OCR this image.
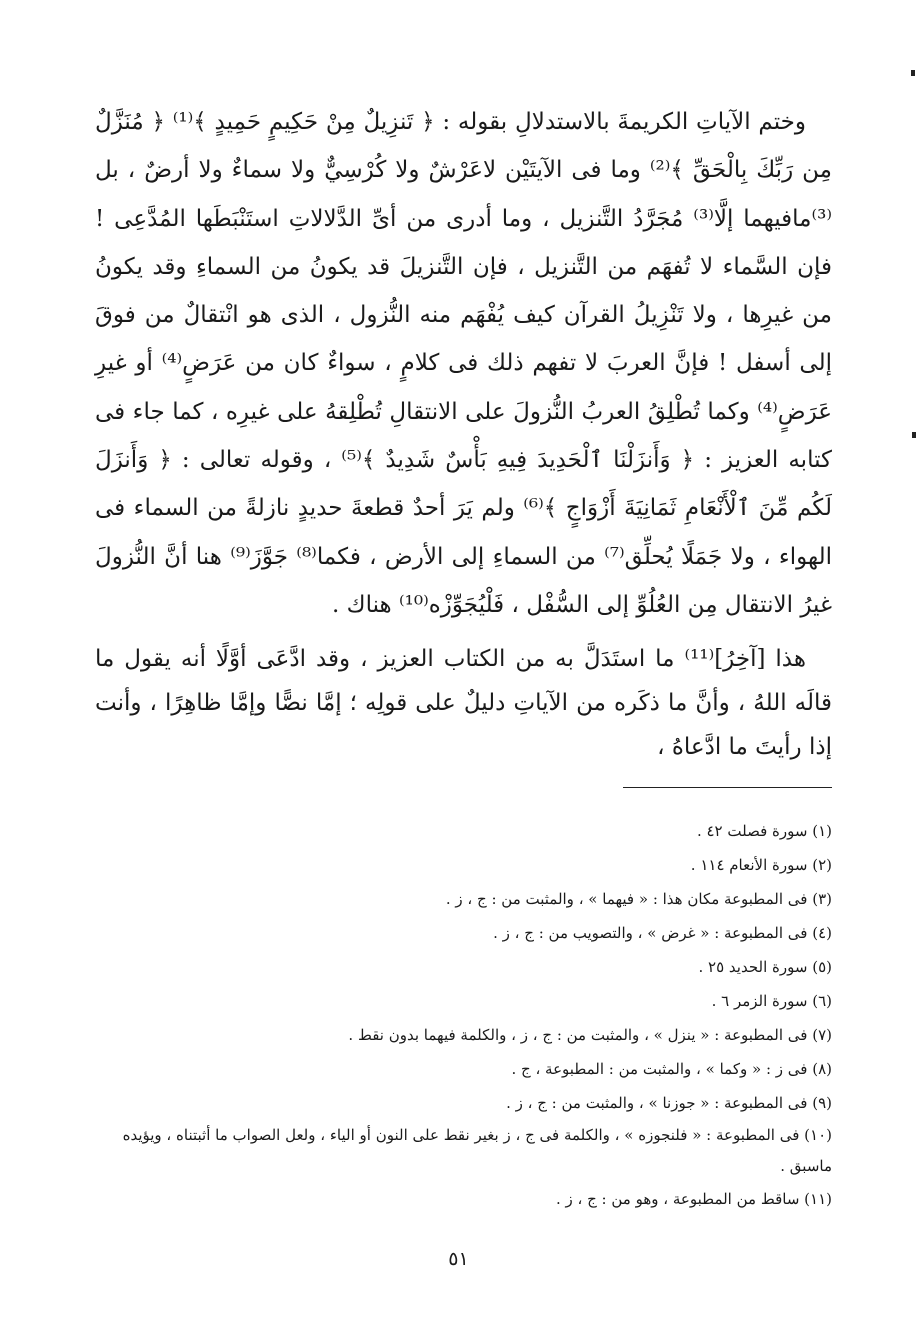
وختم الآياتِ الكريمةَ بالاستدلالِ بقوله : ﴿ تَنزِيلٌ مِنْ حَكِيمٍ حَمِيدٍ ﴾⁽¹⁾ ﴿ مُنَزَّلٌ مِن رَبِّكَ بِالْحَقِّ ﴾⁽²⁾ وما فى الآيتَيْن لاعَرْشٌ ولا كُرْسِيٌّ ولا سماءٌ ولا أرضٌ ، بل ⁽³⁾مافيهما إلَّا⁽³⁾ مُجَرَّدُ التَّنزيل ، وما أدرى من أىِّ الدَّلالاتِ استَنْبَطَها المُدَّعِى ! فإن السَّماء لا تُفهَم من التَّنزيل ، فإن التَّنزيلَ قد يكونُ من السماءِ وقد يكونُ من غيرِها ، ولا تَنْزِيلُ القرآن كيف يُفْهَم منه النُّزول ، الذى هو انْتقالٌ من فوقَ إلى أسفل ! فإنَّ العربَ لا تفهم ذلك فى كلامٍ ، سواءٌ كان من عَرَضٍ⁽⁴⁾ أو غيرِ عَرَضٍ⁽⁴⁾ وكما تُطْلِقُ العربُ النُّزولَ على الانتقالِ تُطْلِقهُ على غيرِه ، كما جاء فى كتابه العزيز : ﴿ وَأَنزَلْنَا ٱلْحَدِيدَ فِيهِ بَأْسٌ شَدِيدٌ ﴾⁽⁵⁾ ، وقوله تعالى : ﴿ وَأَنزَلَ لَكُم مِّنَ ٱلْأَنْعَامِ ثَمَانِيَةَ أَزْوَاجٍ ﴾⁽⁶⁾ ولم يَرَ أحدٌ قطعةَ حديدٍ نازلةً من السماء فى الهواء ، ولا جَمَلًا يُحلِّق⁽⁷⁾ من السماءِ إلى الأرض ، فكما⁽⁸⁾ جَوَّزَ⁽⁹⁾ هنا أنَّ النُّزولَ غيرُ الانتقال مِن العُلُوِّ إلى السُّفْل ، فَلْيُجَوِّزْه⁽¹⁰⁾ هناك .

هذا [آخِرُ]⁽¹¹⁾ ما استَدَلَّ به من الكتاب العزيز ، وقد ادَّعَى أوَّلًا أنه يقول ما قالَه اللهُ ، وأنَّ ما ذكَره من الآياتِ دليلٌ على قولِه ؛ إمَّا نصًّا وإمَّا ظاهِرًا ، وأنت إذا رأيتَ ما ادَّعاهُ ،

(١) سورة فصلت ٤٢ .
(٢) سورة الأنعام ١١٤ .
(٣) فى المطبوعة مكان هذا : « فيهما » ، والمثبت من : ج ، ز .
(٤) فى المطبوعة : « غرض » ، والتصويب من : ج ، ز .
(٥) سورة الحديد ٢٥ .
(٦) سورة الزمر ٦ .
(٧) فى المطبوعة : « ينزل » ، والمثبت من : ج ، ز ، والكلمة فيهما بدون نقط .
(٨) فى ز : « وكما » ، والمثبت من : المطبوعة ، ج .
(٩) فى المطبوعة : « جوزنا » ، والمثبت من : ج ، ز .
(١٠) فى المطبوعة : « فلنجوزه » ، والكلمة فى ج ، ز بغير نقط على النون أو الياء ، ولعل الصواب ما أثبتناه ، ويؤيده ماسبق .
(١١) ساقط من المطبوعة ، وهو من : ج ، ز .
٥١
